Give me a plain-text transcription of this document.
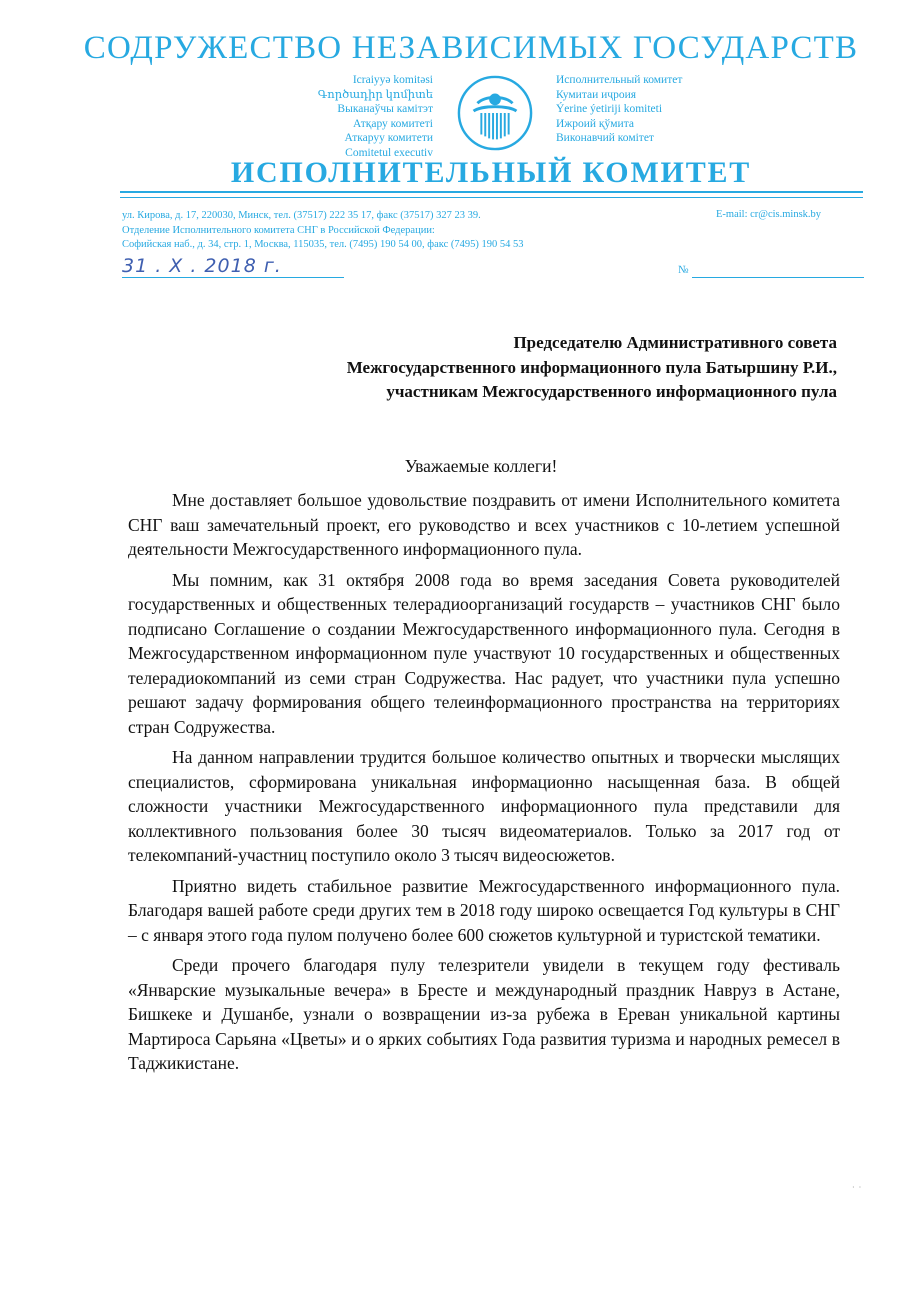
СОДРУЖЕСТВО НЕЗАВИСИМЫХ ГОСУДАРСТВ
Icraiyyə komitəsi
Գործադիր կոմիտե
Выканаўчы камітэт
Атқару комитеті
Аткаруу комитети
Comitetul executiv
Исполнительный комитет
Кумитаи иҷроия
Ýerine ýetiriji komiteti
Ижроий қўмита
Виконавчий комітет
ИСПОЛНИТЕЛЬНЫЙ КОМИТЕТ
ул. Кирова, д. 17, 220030, Минск, тел. (37517) 222 35 17, факс (37517) 327 23 39.
Отделение Исполнительного комитета СНГ в Российской Федерации:
Софийская наб., д. 34, стр. 1, Москва, 115035, тел. (7495) 190 54 00, факс (7495) 190 54 53
E-mail: cr@cis.minsk.by
31 . X . 2018 г.	№
Председателю Административного совета
Межгосударственного информационного пула Батыршину Р.И.,
участникам Межгосударственного информационного пула
Уважаемые коллеги!

Мне доставляет большое удовольствие поздравить от имени Исполнительного комитета СНГ ваш замечательный проект, его руководство и всех участников с 10-летием успешной деятельности Межгосударственного информационного пула.

Мы помним, как 31 октября 2008 года во время заседания Совета руководителей государственных и общественных телерадиоорганизаций государств – участников СНГ было подписано Соглашение о создании Межгосударственного информационного пула. Сегодня в Межгосударственном информационном пуле участвуют 10 государственных и общественных телерадиокомпаний из семи стран Содружества. Нас радует, что участники пула успешно решают задачу формирования общего телеинформационного пространства на территориях стран Содружества.

На данном направлении трудится большое количество опытных и творчески мыслящих специалистов, сформирована уникальная информационно насыщенная база. В общей сложности участники Межгосударственного информационного пула представили для коллективного пользования более 30 тысяч видеоматериалов. Только за 2017 год от телекомпаний-участниц поступило около 3 тысяч видеосюжетов.

Приятно видеть стабильное развитие Межгосударственного информационного пула. Благодаря вашей работе среди других тем в 2018 году широко освещается Год культуры в СНГ – с января этого года пулом получено более 600 сюжетов культурной и туристской тематики.

Среди прочего благодаря пулу телезрители увидели в текущем году фестиваль «Январские музыкальные вечера» в Бресте и международный праздник Навруз в Астане, Бишкеке и Душанбе, узнали о возвращении из-за рубежа в Ереван уникальной картины Мартироса Сарьяна «Цветы» и о ярких событиях Года развития туризма и народных ремесел в Таджикистане.

·  ·
